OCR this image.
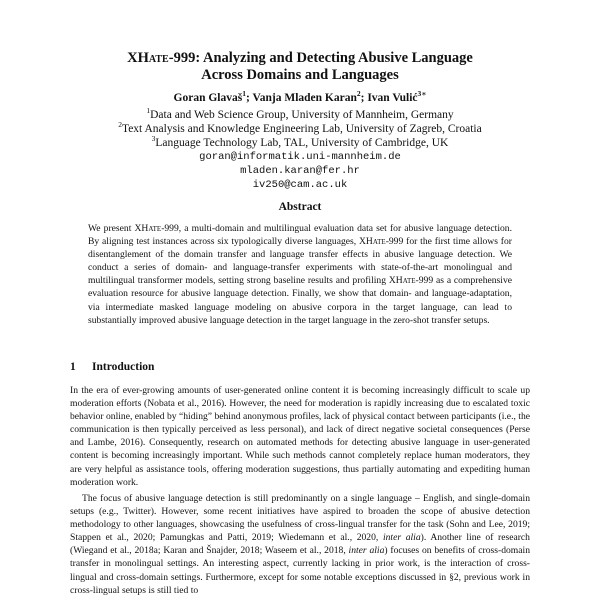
XHate-999: Analyzing and Detecting Abusive Language
Across Domains and Languages
Goran Glavaš$^1$; Vanja Mladen Karan$^2$; Ivan Vulić$^{3∗}$
$^1$Data and Web Science Group, University of Mannheim, Germany
$^2$Text Analysis and Knowledge Engineering Lab, University of Zagreb, Croatia
$^3$Language Technology Lab, TAL, University of Cambridge, UK
goran@informatik.uni-mannheim.de
mladen.karan@fer.hr
iv250@cam.ac.uk
Abstract
We present XHate-999, a multi-domain and multilingual evaluation data set for abusive language detection. By aligning test instances across six typologically diverse languages, XHate-999 for the first time allows for disentanglement of the domain transfer and language transfer effects in abusive language detection. We conduct a series of domain- and language-transfer experiments with state-of-the-art monolingual and multilingual transformer models, setting strong baseline results and profiling XHate-999 as a comprehensive evaluation resource for abusive language detection. Finally, we show that domain- and language-adaptation, via intermediate masked language modeling on abusive corpora in the target language, can lead to substantially improved abusive language detection in the target language in the zero-shot transfer setups.
1 Introduction

In the era of ever-growing amounts of user-generated online content it is becoming increasingly difficult to scale up moderation efforts (Nobata et al., 2016). However, the need for moderation is rapidly increasing due to escalated toxic behavior online, enabled by “hiding” behind anonymous profiles, lack of physical contact between participants (i.e., the communication is then typically perceived as less personal), and lack of direct negative societal consequences (Perse and Lambe, 2016). Consequently, research on automated methods for detecting abusive language in user-generated content is becoming increasingly important. While such methods cannot completely replace human moderators, they are very helpful as assistance tools, offering moderation suggestions, thus partially automating and expediting human moderation work.

The focus of abusive language detection is still predominantly on a single language – English, and single-domain setups (e.g., Twitter). However, some recent initiatives have aspired to broaden the scope of abusive detection methodology to other languages, showcasing the usefulness of cross-lingual transfer for the task (Sohn and Lee, 2019; Stappen et al., 2020; Pamungkas and Patti, 2019; Wiedemann et al., 2020, inter alia). Another line of research (Wiegand et al., 2018a; Karan and Šnajder, 2018; Waseem et al., 2018, inter alia) focuses on benefits of cross-domain transfer in monolingual settings. An interesting aspect, currently lacking in prior work, is the interaction of cross-lingual and cross-domain settings. Furthermore, except for some notable exceptions discussed in §2, previous work in cross-lingual setups is still tied to
